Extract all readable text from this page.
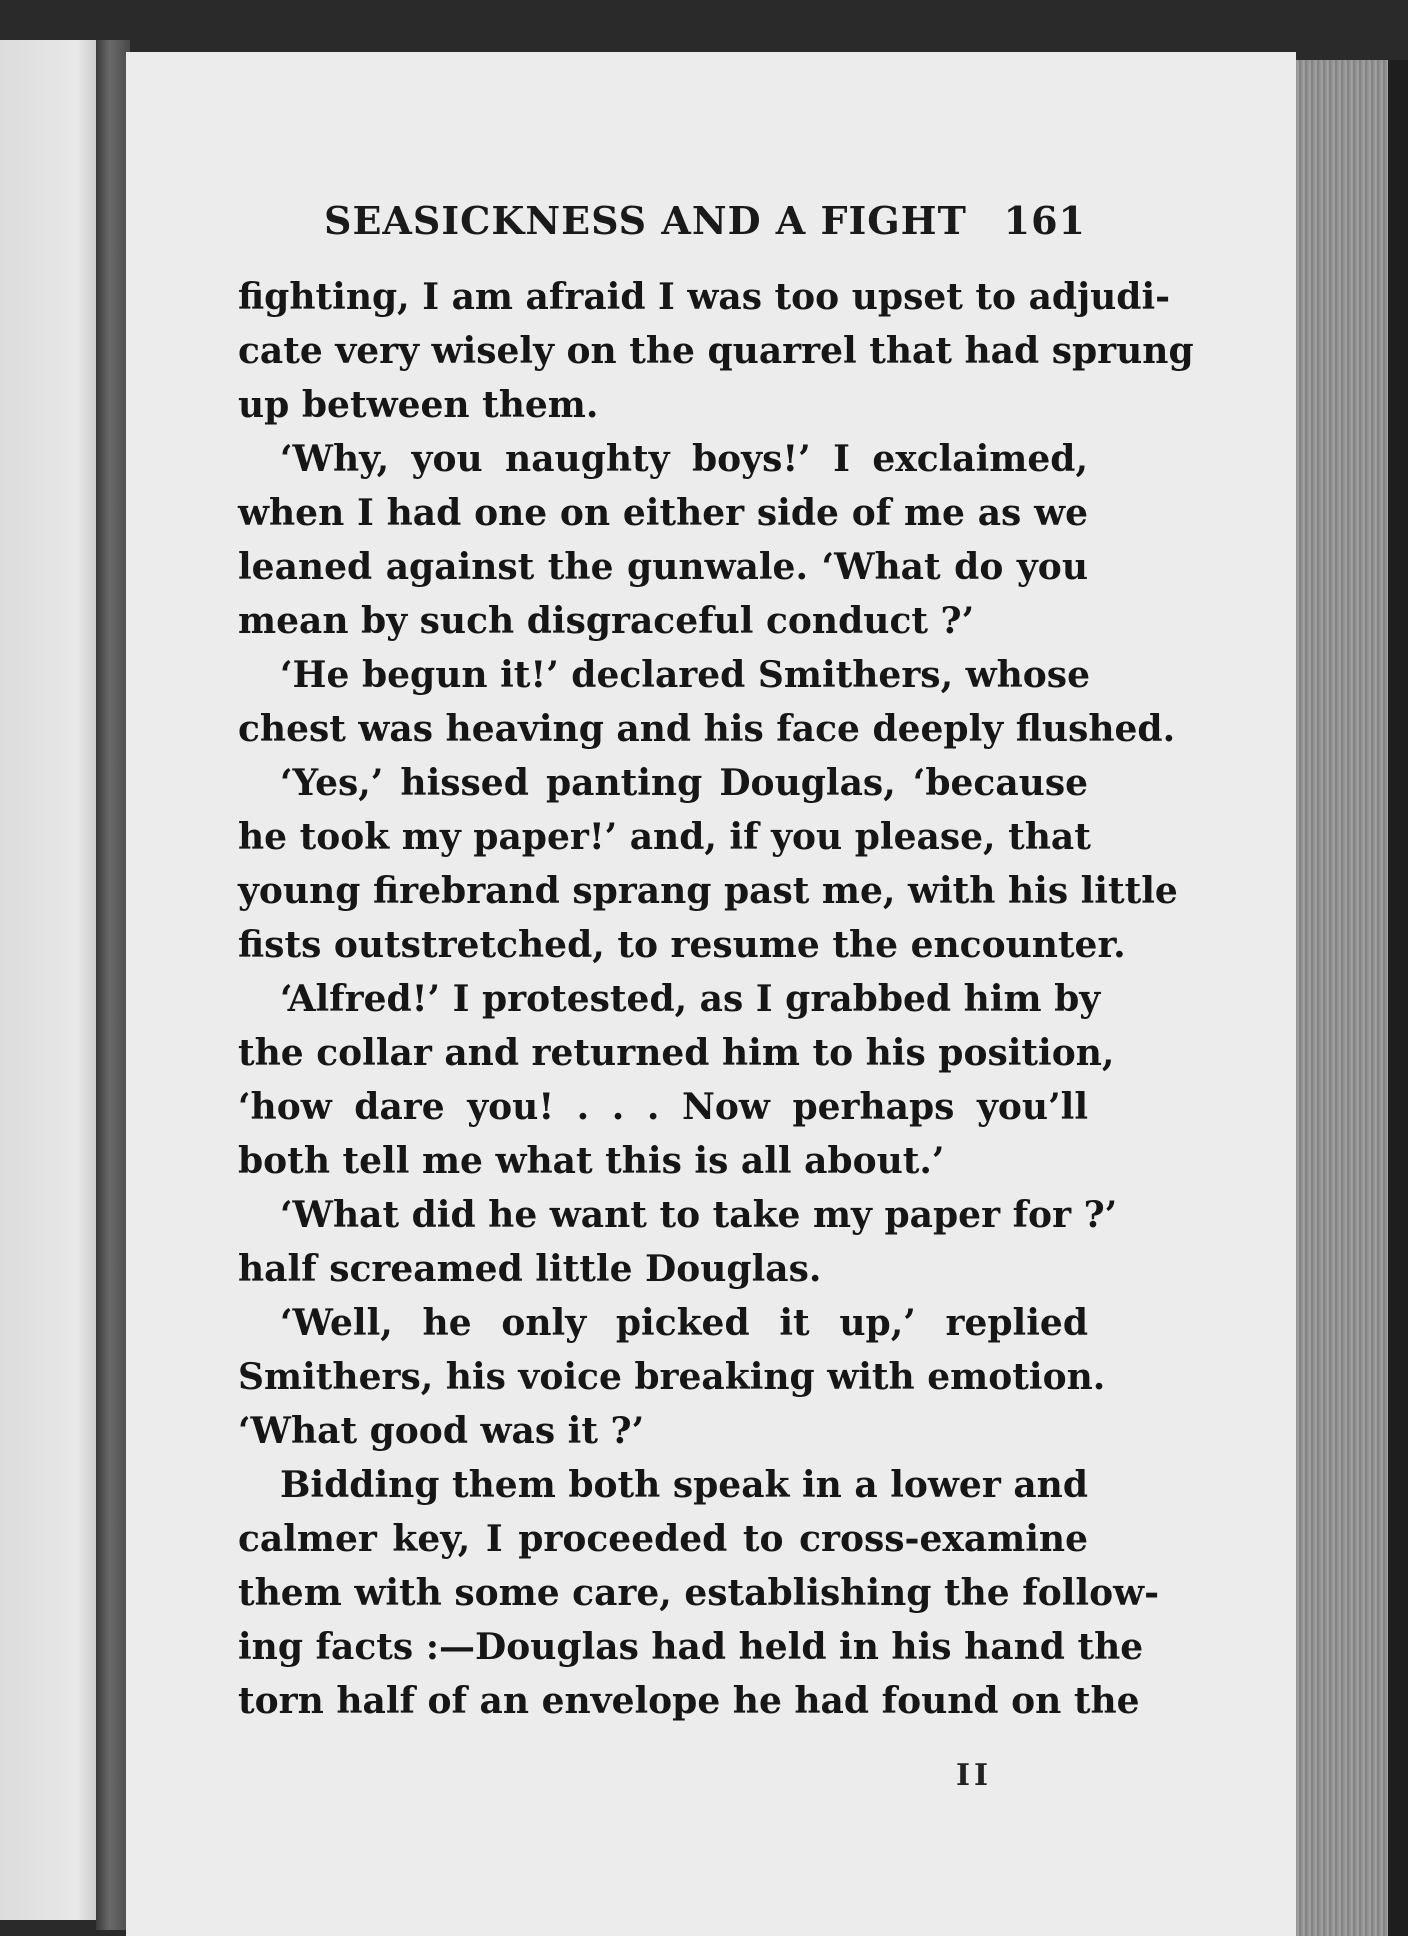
SEASICKNESS AND A FIGHT 161
fighting, I am afraid I was too upset to adjudi-
cate very wisely on the quarrel that had sprung
up between them.
‘Why, you naughty boys!’ I exclaimed,
when I had one on either side of me as we
leaned against the gunwale. ‘What do you
mean by such disgraceful conduct ?’
‘He begun it!’ declared Smithers, whose
chest was heaving and his face deeply flushed.
‘Yes,’ hissed panting Douglas, ‘because
he took my paper!’ and, if you please, that
young firebrand sprang past me, with his little
fists outstretched, to resume the encounter.
‘Alfred!’ I protested, as I grabbed him by
the collar and returned him to his position,
‘how dare you! . . . Now perhaps you’ll
both tell me what this is all about.’
‘What did he want to take my paper for ?’
half screamed little Douglas.
‘Well, he only picked it up,’ replied
Smithers, his voice breaking with emotion.
‘What good was it ?’
Bidding them both speak in a lower and
calmer key, I proceeded to cross-examine
them with some care, establishing the follow-
ing facts :—Douglas had held in his hand the
torn half of an envelope he had found on the
II
